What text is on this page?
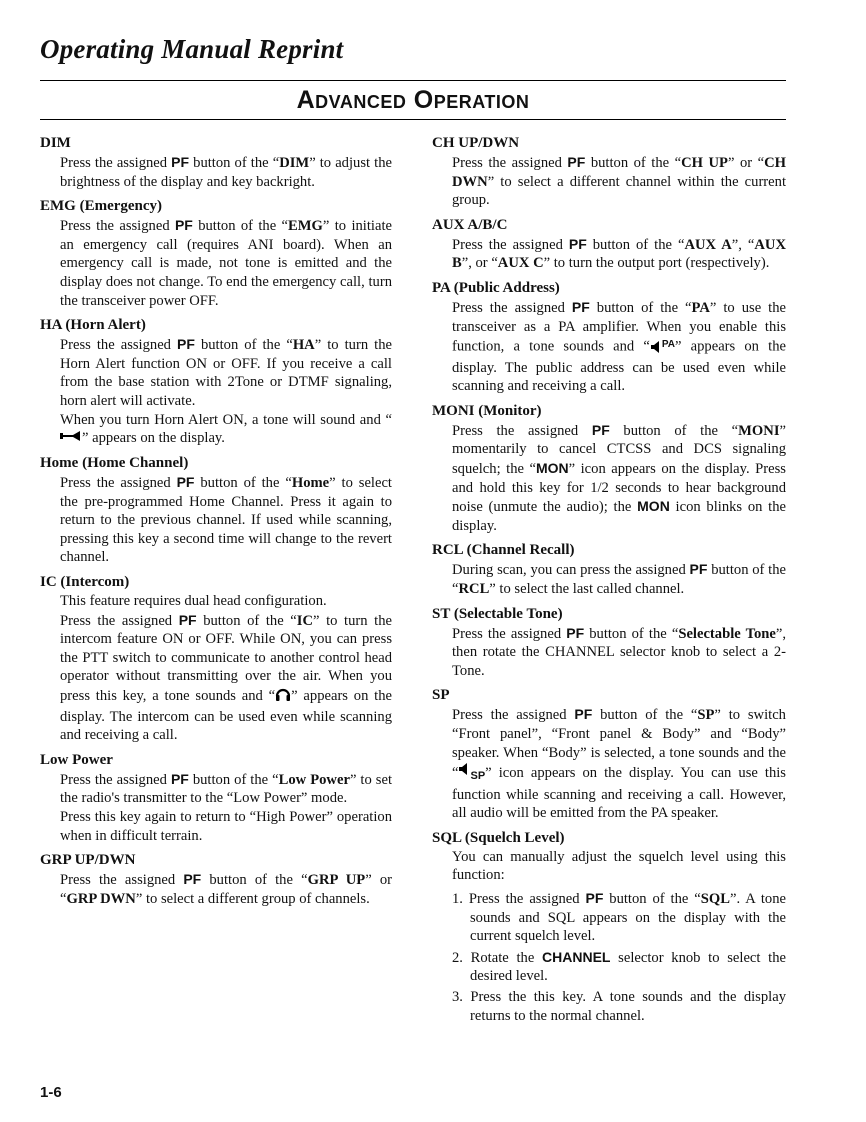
Operating Manual Reprint
Advanced Operation
DIM

Press the assigned PF button of the “DIM” to adjust the brightness of the display and key backright.

EMG (Emergency)

Press the assigned PF button of the “EMG” to initiate an emergency call (requires ANI board). When an emergency call is made, not tone is emitted and the display does not change. To end the emergency call, turn the transceiver power OFF.

HA (Horn Alert)

Press the assigned PF button of the “HA” to turn the Horn Alert function ON or OFF. If you receive a call from the base station with 2Tone or DTMF signaling, horn alert will activate.

When you turn Horn Alert ON, a tone will sound and “” appears on the display.

Home (Home Channel)

Press the assigned PF button of the “Home” to select the pre-programmed Home Channel. Press it again to return to the previous channel. If used while scanning, pressing this key a second time will change to the revert channel.

IC (Intercom)

This feature requires dual head configuration.

Press the assigned PF button of the “IC” to turn the intercom feature ON or OFF. While ON, you can press the PTT switch to communicate to another control head operator without transmitting over the air. When you press this key, a tone sounds and “ ” appears on the display. The intercom can be used even while scanning and receiving a call.

Low Power

Press the assigned PF button of the “Low Power” to set the radio's transmitter to the “Low Power” mode.

Press this key again to return to “High Power” operation when in difficult terrain.

GRP UP/DWN

Press the assigned PF button of the “GRP UP” or “GRP DWN” to select a different group of channels.

CH UP/DWN

Press the assigned PF button of the “CH UP” or “CH DWN” to select a different channel within the current group.

AUX A/B/C

Press the assigned PF button of the “AUX A”, “AUX B”, or “AUX C” to turn the output port (respectively).

PA (Public Address)

Press the assigned PF button of the “PA” to use the transceiver as a PA amplifier. When you enable this function, a tone sounds and “ $^{PA}$” appears on the display. The public address can be used even while scanning and receiving a call.

MONI (Monitor)

Press the assigned PF button of the “MONI” momentarily to cancel CTCSS and DCS signaling squelch; the “MON” icon appears on the display. Press and hold this key for 1/2 seconds to hear background noise (unmute the audio); the MON icon blinks on the display.

RCL (Channel Recall)

During scan, you can press the assigned PF button of the “RCL” to select the last called channel.

ST (Selectable Tone)

Press the assigned PF button of the “Selectable Tone”, then rotate the CHANNEL selector knob to select a 2-Tone.

SP

Press the assigned PF button of the “SP” to switch “Front panel”, “Front panel & Body” and “Body” speaker. When “Body” is selected, a tone sounds and the “ $_{SP}$” icon appears on the display. You can use this function while scanning and receiving a call. However, all audio will be emitted from the PA speaker.

SQL (Squelch Level)

You can manually adjust the squelch level using this function:

1. Press the assigned PF button of the “SQL”. A tone sounds and SQL appears on the display with the current squelch level.
2. Rotate the CHANNEL selector knob to select the desired level.
3. Press the this key. A tone sounds and the display returns to the normal channel.
1-6
